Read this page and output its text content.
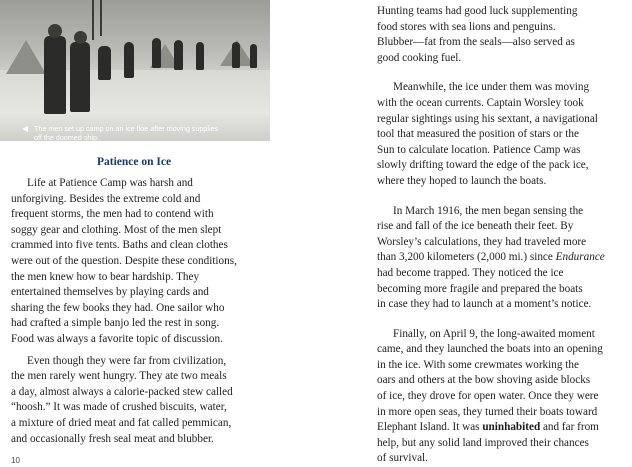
◀ The men set up camp on an ice floe after moving supplies
off the doomed ship.
Patience on Ice
Life at Patience Camp was harsh and
unforgiving. Besides the extreme cold and
frequent storms, the men had to contend with
soggy gear and clothing. Most of the men slept
crammed into five tents. Baths and clean clothes
were out of the question. Despite these conditions,
the men knew how to bear hardship. They
entertained themselves by playing cards and
sharing the few books they had. One sailor who
had crafted a simple banjo led the rest in song.
Food was always a favorite topic of discussion.
Even though they were far from civilization,
the men rarely went hungry. They ate two meals
a day, almost always a calorie-packed stew called
“hoosh.” It was made of crushed biscuits, water,
a mixture of dried meat and fat called pemmican,
and occasionally fresh seal meat and blubber.
10
Hunting teams had good luck supplementing
food stores with sea lions and penguins.
Blubber—fat from the seals—also served as
good cooking fuel.
Meanwhile, the ice under them was moving
with the ocean currents. Captain Worsley took
regular sightings using his sextant, a navigational
tool that measured the position of stars or the
Sun to calculate location. Patience Camp was
slowly drifting toward the edge of the pack ice,
where they hoped to launch the boats.
In March 1916, the men began sensing the
rise and fall of the ice beneath their feet. By
Worsley’s calculations, they had traveled more
than 3,200 kilometers (2,000 mi.) since Endurance
had become trapped. They noticed the ice
becoming more fragile and prepared the boats
in case they had to launch at a moment’s notice.
Finally, on April 9, the long-awaited moment
came, and they launched the boats into an opening
in the ice. With some crewmates working the
oars and others at the bow shoving aside blocks
of ice, they drove for open water. Once they were
in more open seas, they turned their boats toward
Elephant Island. It was uninhabited and far from
help, but any solid land improved their chances
of survival.
